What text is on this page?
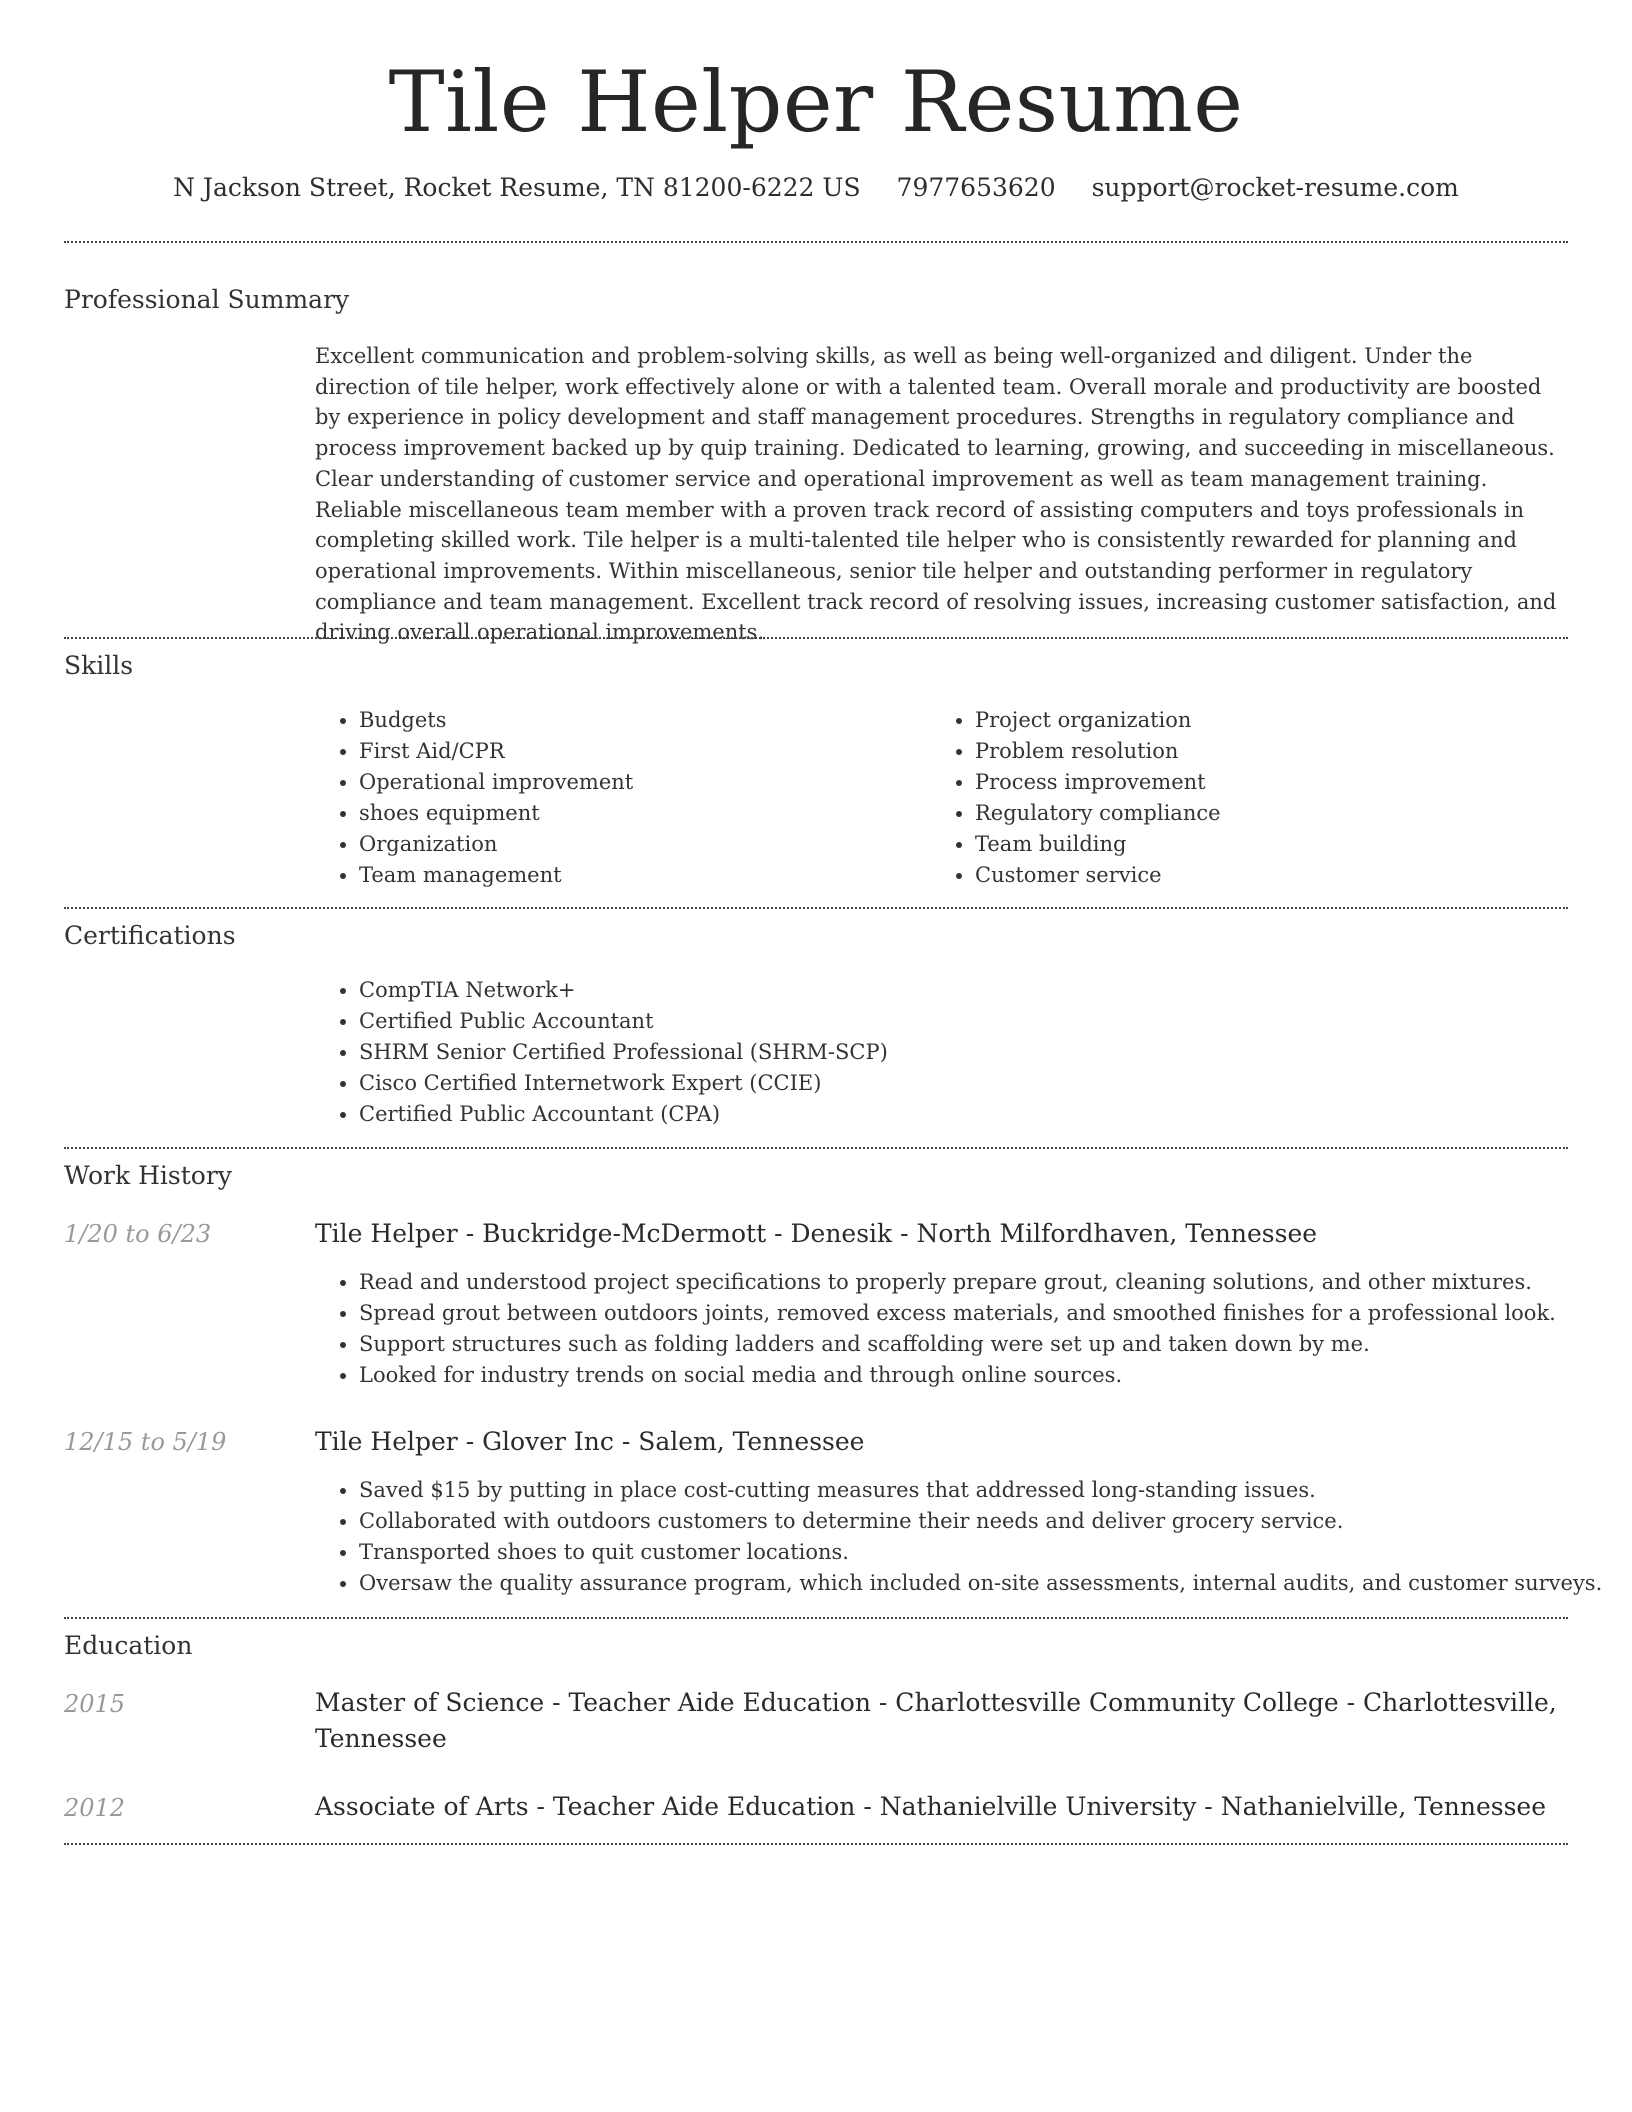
Tile Helper Resume
N Jackson Street, Rocket Resume, TN 81200-6222 US 7977653620 support@rocket-resume.com
Professional Summary

Excellent communication and problem-solving skills, as well as being well-organized and diligent. Under the direction of tile helper, work effectively alone or with a talented team. Overall morale and productivity are boosted by experience in policy development and staff management procedures. Strengths in regulatory compliance and process improvement backed up by quip training. Dedicated to learning, growing, and succeeding in miscellaneous. Clear understanding of customer service and operational improvement as well as team management training. Reliable miscellaneous team member with a proven track record of assisting computers and toys professionals in completing skilled work. Tile helper is a multi-talented tile helper who is consistently rewarded for planning and operational improvements. Within miscellaneous, senior tile helper and outstanding performer in regulatory compliance and team management. Excellent track record of resolving issues, increasing customer satisfaction, and driving overall operational improvements.

Skills
• Budgets
• First Aid/CPR
• Operational improvement
• shoes equipment
• Organization
• Team management
• Project organization
• Problem resolution
• Process improvement
• Regulatory compliance
• Team building
• Customer service
Certifications
• CompTIA Network+
• Certified Public Accountant
• SHRM Senior Certified Professional (SHRM-SCP)
• Cisco Certified Internetwork Expert (CCIE)
• Certified Public Accountant (CPA)
Work History
1/20 to 6/23	Tile Helper - Buckridge-McDermott - Denesik - North Milfordhaven, Tennessee
• Read and understood project specifications to properly prepare grout, cleaning solutions, and other mixtures.
• Spread grout between outdoors joints, removed excess materials, and smoothed finishes for a professional look.
• Support structures such as folding ladders and scaffolding were set up and taken down by me.
• Looked for industry trends on social media and through online sources.
12/15 to 5/19	Tile Helper - Glover Inc - Salem, Tennessee
• Saved $15 by putting in place cost-cutting measures that addressed long-standing issues.
• Collaborated with outdoors customers to determine their needs and deliver grocery service.
• Transported shoes to quit customer locations.
• Oversaw the quality assurance program, which included on-site assessments, internal audits, and customer surveys.
Education
2015	Master of Science - Teacher Aide Education - Charlottesville Community College - Charlottesville, Tennessee
2012	Associate of Arts - Teacher Aide Education - Nathanielville University - Nathanielville, Tennessee
